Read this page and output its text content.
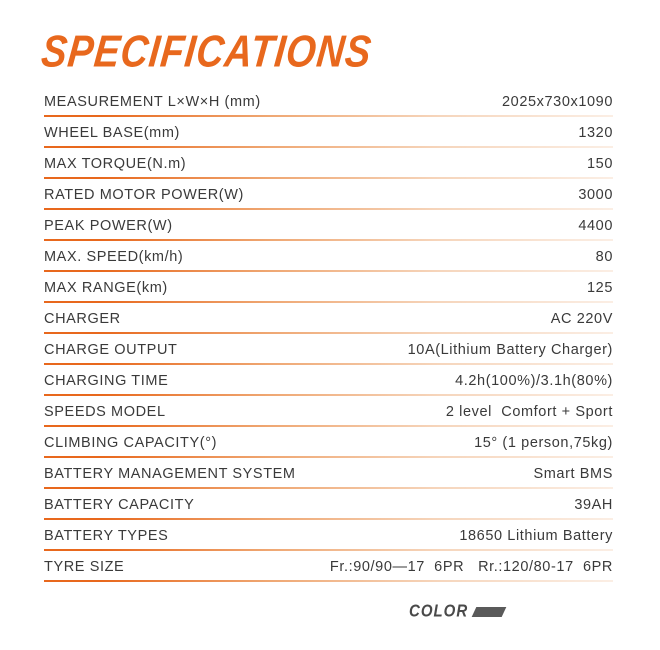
SPECIFICATIONS
MEASUREMENT L×W×H (mm)	2025x730x1090
WHEEL BASE(mm)	1320
MAX TORQUE(N.m)	150
RATED MOTOR POWER(W)	3000
PEAK POWER(W)	4400
MAX. SPEED(km/h)	80
MAX RANGE(km)	125
CHARGER	AC 220V
CHARGE OUTPUT	10A(Lithium Battery Charger)
CHARGING TIME	4.2h(100%)/3.1h(80%)
SPEEDS MODEL	2 level  Comfort + Sport
CLIMBING CAPACITY(°)	15° (1 person,75kg)
BATTERY MANAGEMENT SYSTEM	Smart BMS
BATTERY CAPACITY	39AH
BATTERY TYPES	18650 Lithium Battery
TYRE SIZE	Fr.:90/90—17  6PR   Rr.:120/80-17  6PR
COLOR
